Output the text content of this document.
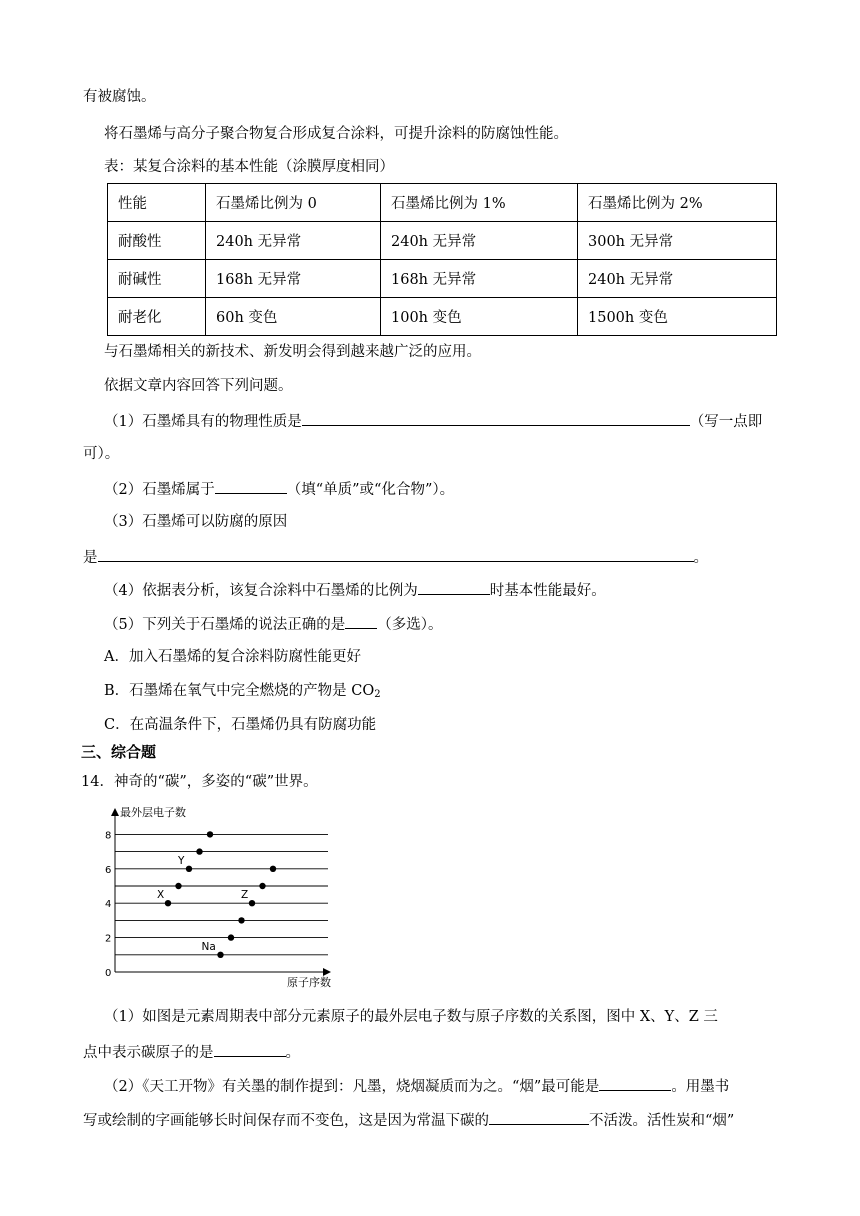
有被腐蚀。
将石墨烯与高分子聚合物复合形成复合涂料，可提升涂料的防腐蚀性能。
表：某复合涂料的基本性能（涂膜厚度相同）
性能	石墨烯比例为 0	石墨烯比例为 1%	石墨烯比例为 2%
耐酸性	240h 无异常	240h 无异常	300h 无异常
耐碱性	168h 无异常	168h 无异常	240h 无异常
耐老化	60h 变色	100h 变色	1500h 变色
与石墨烯相关的新技术、新发明会得到越来越广泛的应用。
依据文章内容回答下列问题。
（1）石墨烯具有的物理性质是	（写一点即
可）。
（2）石墨烯属于	（填“单质”或“化合物”）。
（3）石墨烯可以防腐的原因
是	。
（4）依据表分析，该复合涂料中石墨烯的比例为	时基本性能最好。
（5）下列关于石墨烯的说法正确的是 （多选）。
A．加入石墨烯的复合涂料防腐性能更好
B．石墨烯在氧气中完全燃烧的产物是 $CO_2$
C．在高温条件下，石墨烯仍具有防腐功能
三、综合题
14．神奇的“碳”，多姿的“碳”世界。
最外层电子数
原子序数
0
2
4
6
8
X
Y
Na
Z
（1）如图是元素周期表中部分元素原子的最外层电子数与原子序数的关系图，图中 X、Y、Z 三
点中表示碳原子的是	。
（2）《天工开物》有关墨的制作提到：凡墨，烧烟凝质而为之。“烟”最可能是	。用墨书
写或绘制的字画能够长时间保存而不变色，这是因为常温下碳的	不活泼。活性炭和“烟”
